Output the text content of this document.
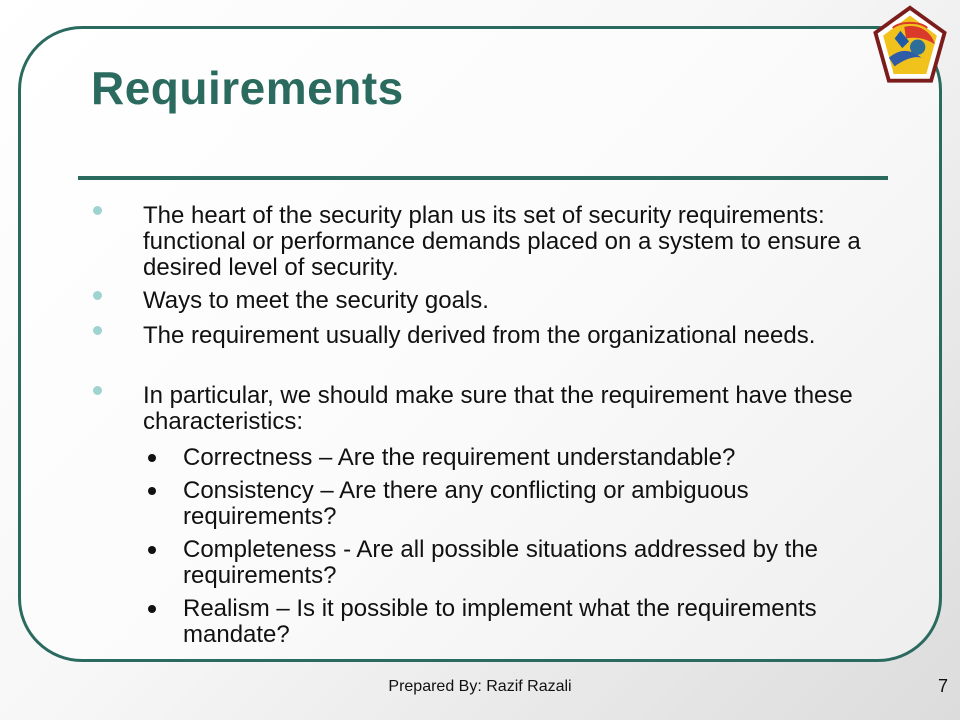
Requirements
The heart of the security plan us its set of security requirements: functional or performance demands placed on a system to ensure a desired level of security.
Ways to meet the security goals.
The requirement usually derived from the organizational needs.
In particular, we should make sure that the requirement have these characteristics:
Correctness – Are the requirement understandable?
Consistency – Are there any conflicting or ambiguous requirements?
Completeness - Are all possible situations addressed by the requirements?
Realism – Is it possible to implement what the requirements mandate?
Prepared By: Razif Razali	7
